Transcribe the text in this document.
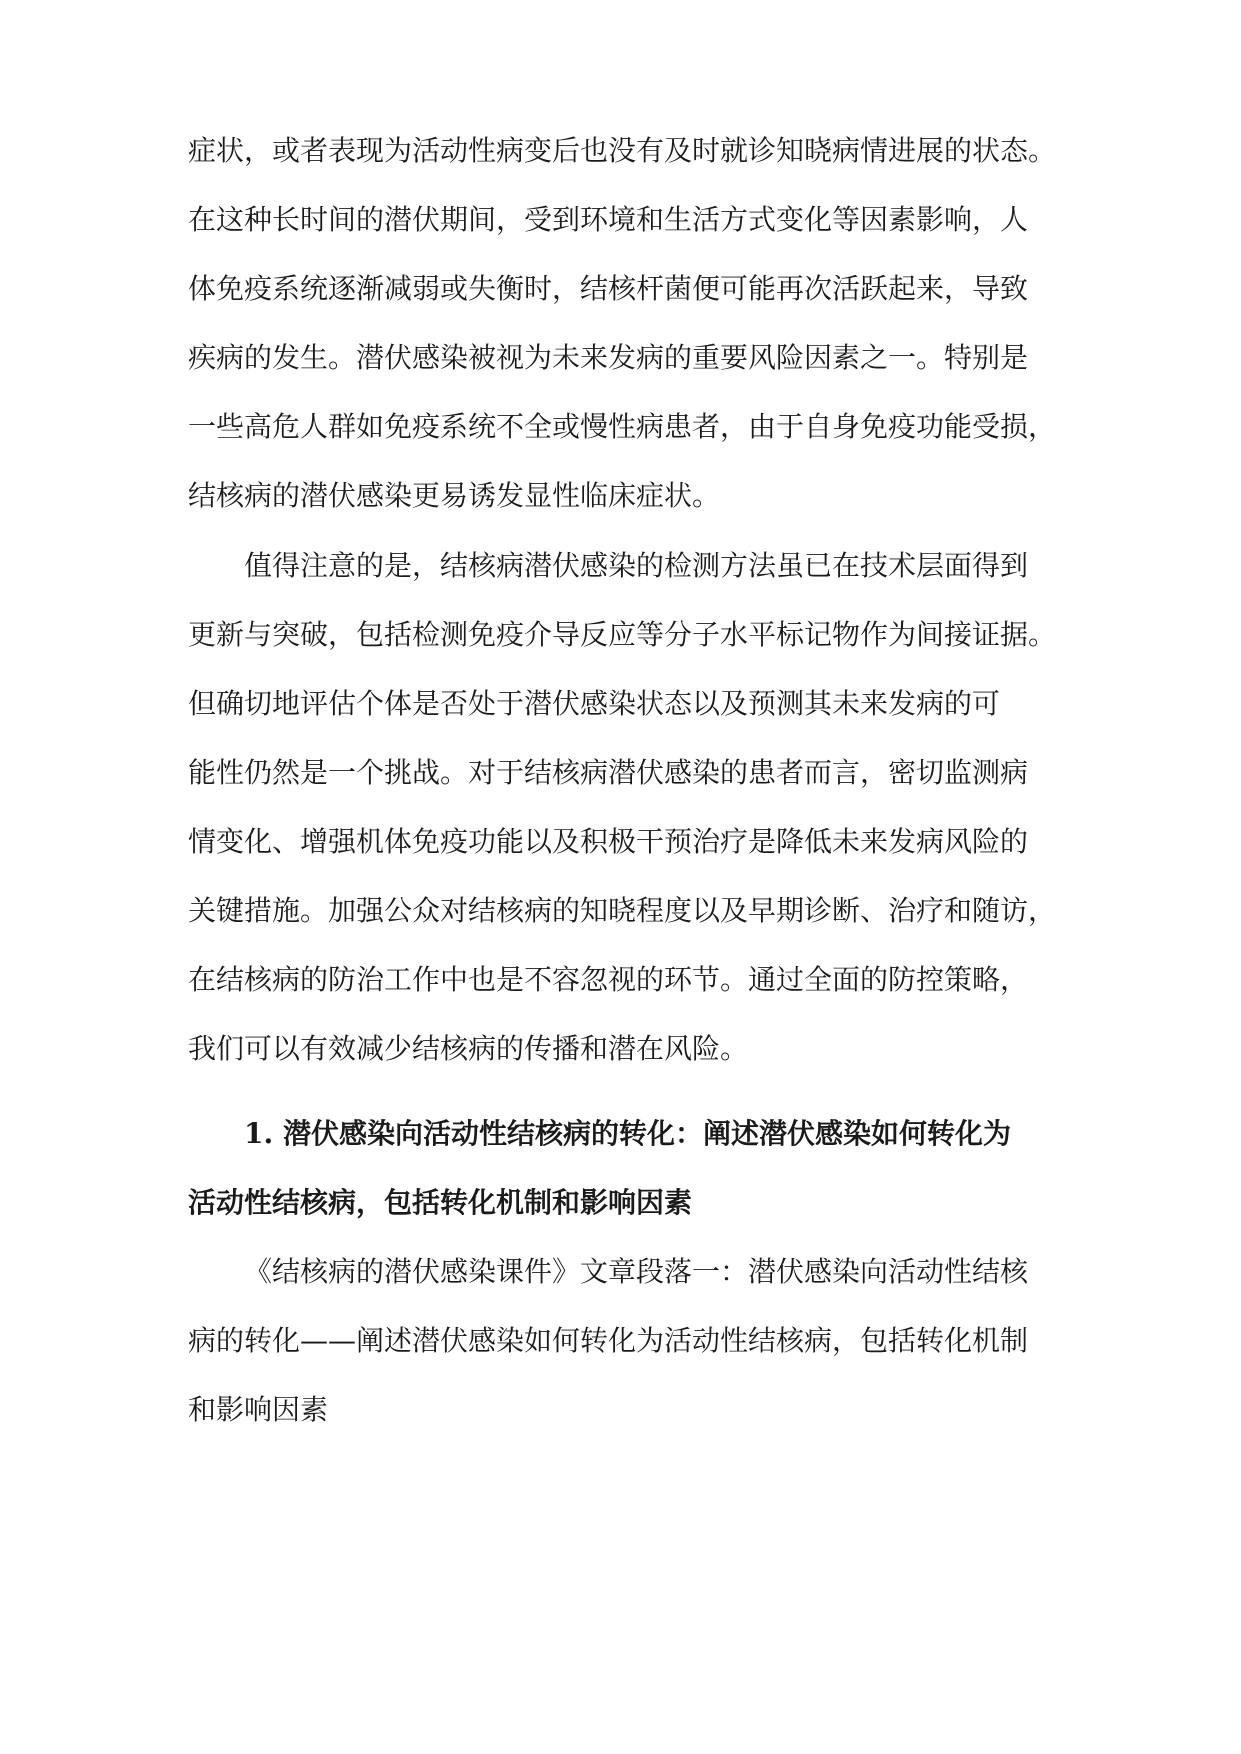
症状，或者表现为活动性病变后也没有及时就诊知晓病情进展的状态。
在这种长时间的潜伏期间，受到环境和生活方式变化等因素影响，人
体免疫系统逐渐减弱或失衡时，结核杆菌便可能再次活跃起来，导致
疾病的发生。潜伏感染被视为未来发病的重要风险因素之一。特别是
一些高危人群如免疫系统不全或慢性病患者，由于自身免疫功能受损，
结核病的潜伏感染更易诱发显性临床症状。
值得注意的是，结核病潜伏感染的检测方法虽已在技术层面得到
更新与突破，包括检测免疫介导反应等分子水平标记物作为间接证据。
但确切地评估个体是否处于潜伏感染状态以及预测其未来发病的可
能性仍然是一个挑战。对于结核病潜伏感染的患者而言，密切监测病
情变化、增强机体免疫功能以及积极干预治疗是降低未来发病风险的
关键措施。加强公众对结核病的知晓程度以及早期诊断、治疗和随访，
在结核病的防治工作中也是不容忽视的环节。通过全面的防控策略，
我们可以有效减少结核病的传播和潜在风险。
1. 潜伏感染向活动性结核病的转化：阐述潜伏感染如何转化为
活动性结核病，包括转化机制和影响因素
《结核病的潜伏感染课件》文章段落一：潜伏感染向活动性结核
病的转化——阐述潜伏感染如何转化为活动性结核病，包括转化机制
和影响因素
